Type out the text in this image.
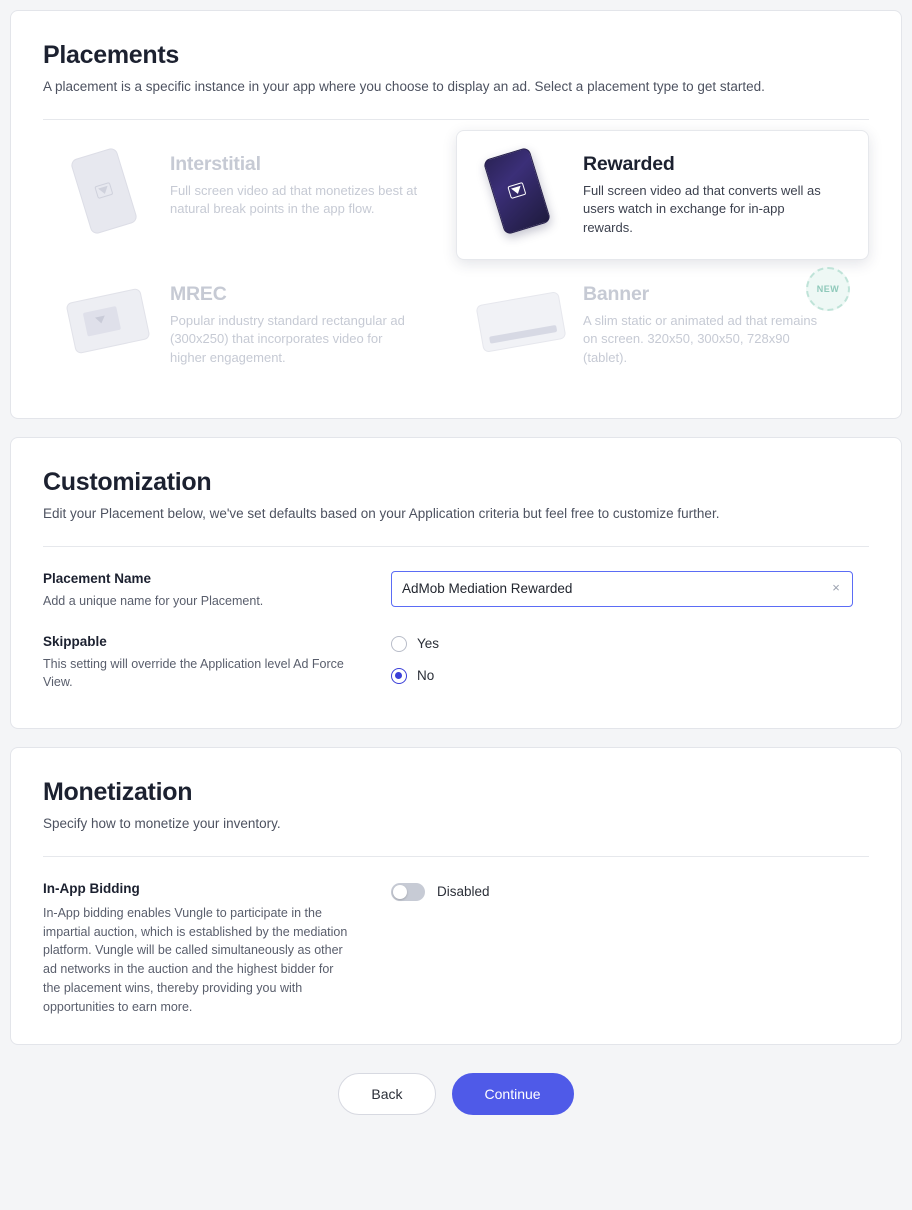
Placements

A placement is a specific instance in your app where you choose to display an ad. Select a placement type to get started.

Interstitial

Full screen video ad that monetizes best at natural break points in the app flow.

Rewarded

Full screen video ad that converts well as users watch in exchange for in-app rewards.

MREC

Popular industry standard rectangular ad (300x250) that incorporates video for higher engagement.

Banner

A slim static or animated ad that remains on screen. 320x50, 300x50, 728x90 (tablet).

NEW
Customization

Edit your Placement below, we've set defaults based on your Application criteria but feel free to customize further.

Placement Name
Add a unique name for your Placement.
AdMob Mediation Rewarded
×
Skippable
This setting will override the Application level Ad Force View.
Yes
No
Monetization

Specify how to monetize your inventory.

In-App Bidding
In-App bidding enables Vungle to participate in the impartial auction, which is established by the mediation platform. Vungle will be called simultaneously as other ad networks in the auction and the highest bidder for the placement wins, thereby providing you with opportunities to earn more.
Disabled
Back	Continue
